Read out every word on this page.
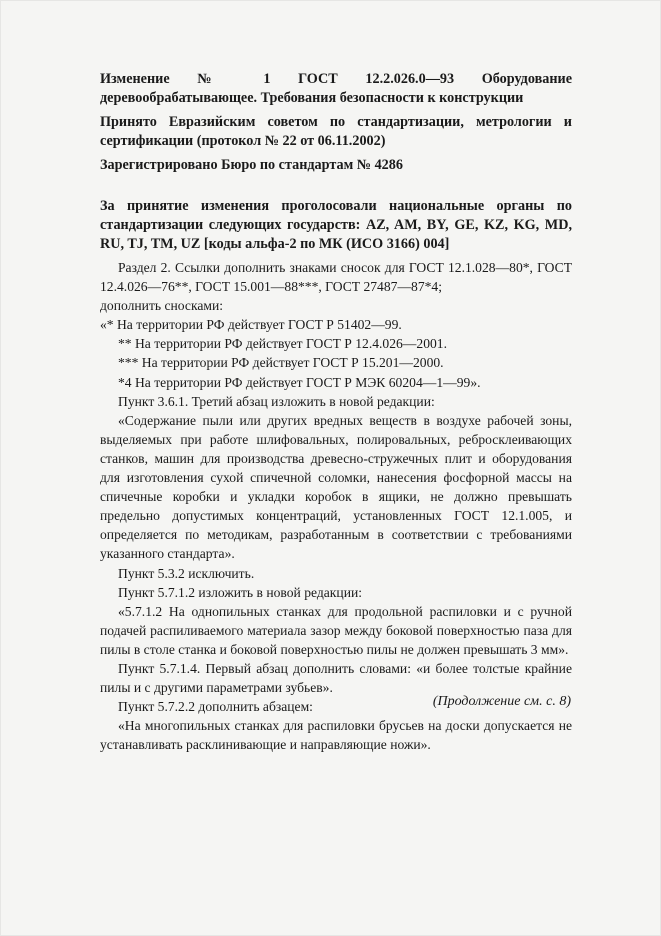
Изменение № 1 ГОСТ 12.2.026.0—93 Оборудование деревообрабатывающее. Требования безопасности к конструкции

Принято Евразийским советом по стандартизации, метрологии и сертификации (протокол № 22 от 06.11.2002)

Зарегистрировано Бюро по стандартам № 4286

За принятие изменения проголосовали национальные органы по стандартизации следующих государств: AZ, AM, BY, GE, KZ, KG, MD, RU, TJ, TM, UZ [коды альфа-2 по МК (ИСО 3166) 004]

Раздел 2. Ссылки дополнить знаками сносок для ГОСТ 12.1.028—80*, ГОСТ 12.4.026—76**, ГОСТ 15.001—88***, ГОСТ 27487—87*4;

дополнить сносками:

«* На территории РФ действует ГОСТ Р 51402—99.

** На территории РФ действует ГОСТ Р 12.4.026—2001.

*** На территории РФ действует ГОСТ Р 15.201—2000.

*4 На территории РФ действует ГОСТ Р МЭК 60204—1—99».

Пункт 3.6.1. Третий абзац изложить в новой редакции:

«Содержание пыли или других вредных веществ в воздухе рабочей зоны, выделяемых при работе шлифовальных, полировальных, ребросклеивающих станков, машин для производства древесно-стружечных плит и оборудования для изготовления сухой спичечной соломки, нанесения фосфорной массы на спичечные коробки и укладки коробок в ящики, не должно превышать предельно допустимых концентраций, установленных ГОСТ 12.1.005, и определяется по методикам, разработанным в соответствии с требованиями указанного стандарта».

Пункт 5.3.2 исключить.

Пункт 5.7.1.2 изложить в новой редакции:

«5.7.1.2 На однопильных станках для продольной распиловки и с ручной подачей распиливаемого материала зазор между боковой поверхностью паза для пилы в столе станка и боковой поверхностью пилы не должен превышать 3 мм».

Пункт 5.7.1.4. Первый абзац дополнить словами: «и более толстые крайние пилы и с другими параметрами зубьев».

Пункт 5.7.2.2 дополнить абзацем:

«На многопильных станках для распиловки брусьев на доски допускается не устанавливать расклинивающие и направляющие ножи».

(Продолжение см. с. 8)
